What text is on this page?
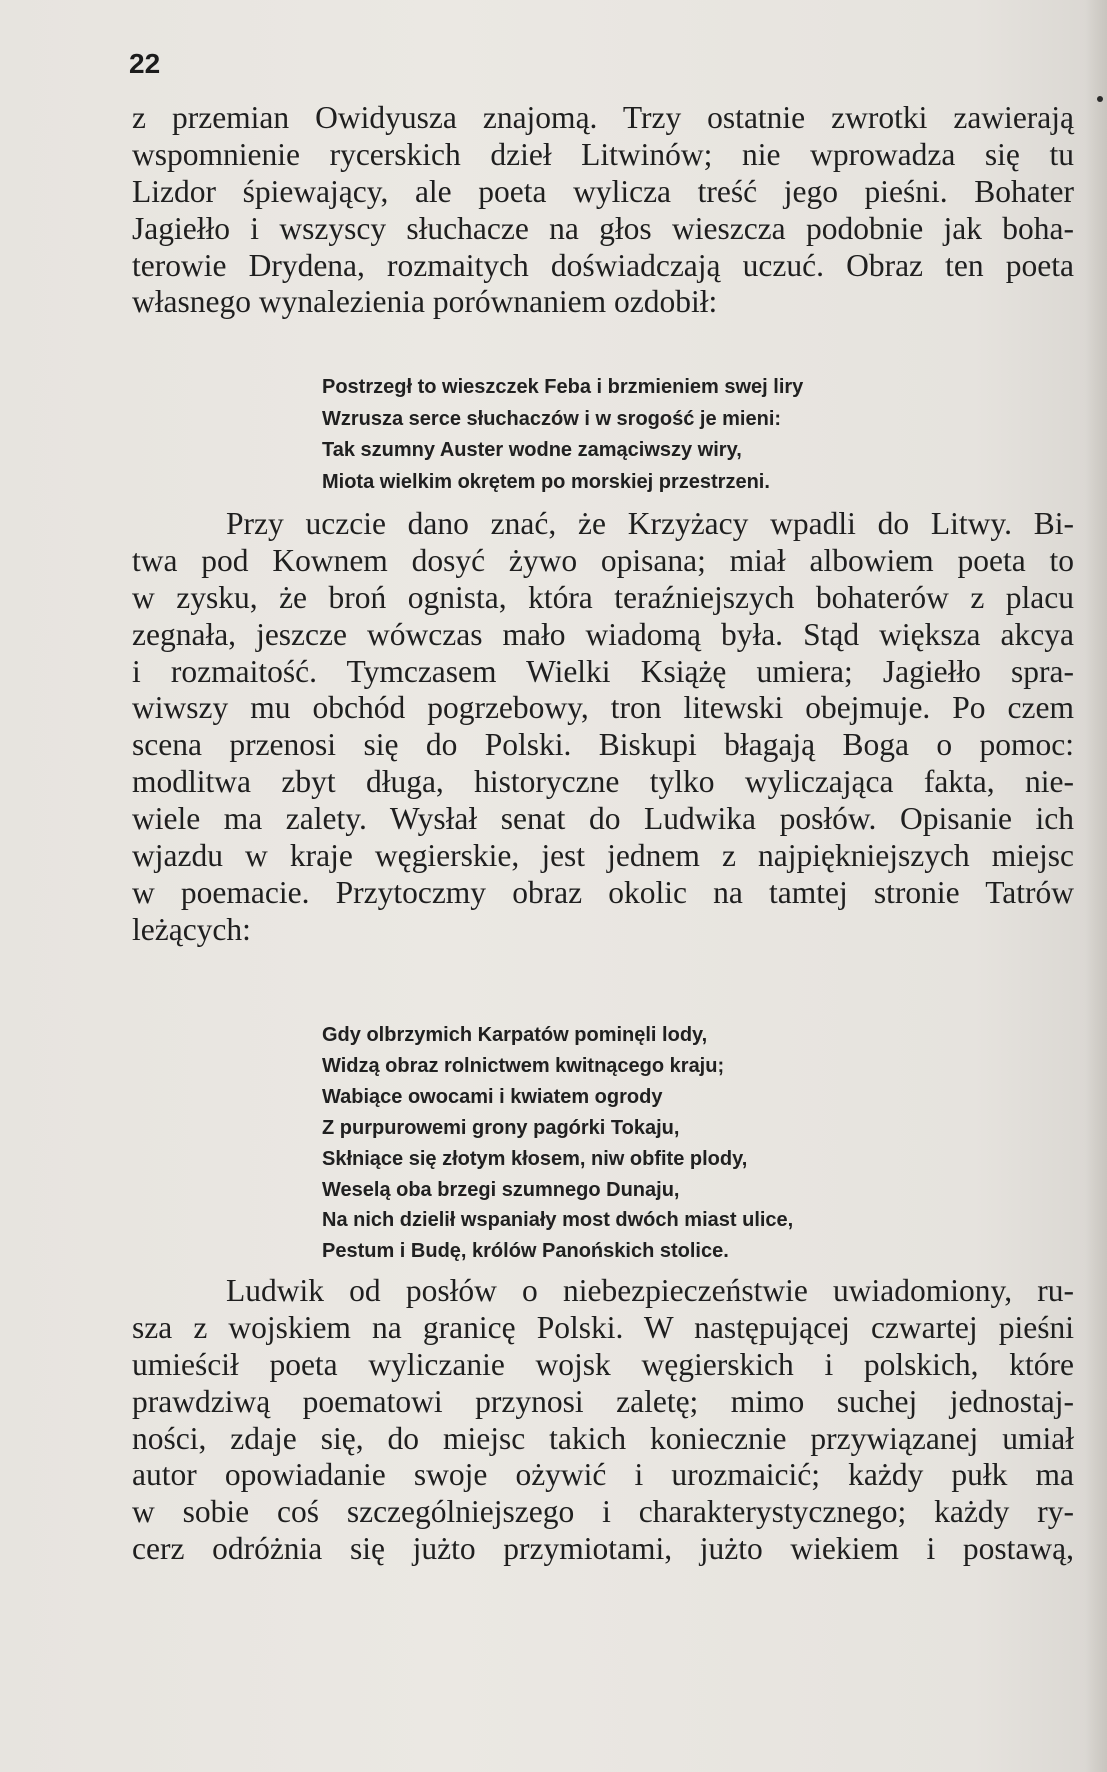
22
z przemian Owidyusza znajomą. Trzy ostatnie zwrotki zawierają
wspomnienie rycerskich dzieł Litwinów; nie wprowadza się tu
Lizdor śpiewający, ale poeta wylicza treść jego pieśni. Bohater
Jagiełło i wszyscy słuchacze na głos wieszcza podobnie jak boha-
terowie Drydena, rozmaitych doświadczają uczuć. Obraz ten poeta
własnego wynalezienia porównaniem ozdobił:
Postrzegł to wieszczek Feba i brzmieniem swej liry
Wzrusza serce słuchaczów i w srogość je mieni:
Tak szumny Auster wodne zamąciwszy wiry,
Miota wielkim okrętem po morskiej przestrzeni.
Przy uczcie dano znać, że Krzyżacy wpadli do Litwy. Bi-
twa pod Kownem dosyć żywo opisana; miał albowiem poeta to
w zysku, że broń ognista, która teraźniejszych bohaterów z placu
zegnała, jeszcze wówczas mało wiadomą była. Stąd większa akcya
i rozmaitość. Tymczasem Wielki Książę umiera; Jagiełło spra-
wiwszy mu obchód pogrzebowy, tron litewski obejmuje. Po czem
scena przenosi się do Polski. Biskupi błagają Boga o pomoc:
modlitwa zbyt długa, historyczne tylko wyliczająca fakta, nie-
wiele ma zalety. Wysłał senat do Ludwika posłów. Opisanie ich
wjazdu w kraje węgierskie, jest jednem z najpiękniejszych miejsc
w poemacie. Przytoczmy obraz okolic na tamtej stronie Tatrów
leżących:
Gdy olbrzymich Karpatów pominęli lody,
Widzą obraz rolnictwem kwitnącego kraju;
Wabiące owocami i kwiatem ogrody
Z purpurowemi grony pagórki Tokaju,
Skłniące się złotym kłosem, niw obfite plody,
Weselą oba brzegi szumnego Dunaju,
Na nich dzielił wspaniały most dwóch miast ulice,
Pestum i Budę, królów Panońskich stolice.
Ludwik od posłów o niebezpieczeństwie uwiadomiony, ru-
sza z wojskiem na granicę Polski. W następującej czwartej pieśni
umieścił poeta wyliczanie wojsk węgierskich i polskich, które
prawdziwą poematowi przynosi zaletę; mimo suchej jednostaj-
ności, zdaje się, do miejsc takich koniecznie przywiązanej umiał
autor opowiadanie swoje ożywić i urozmaicić; każdy pułk ma
w sobie coś szczególniejszego i charakterystycznego; każdy ry-
cerz odróżnia się jużto przymiotami, jużto wiekiem i postawą,
